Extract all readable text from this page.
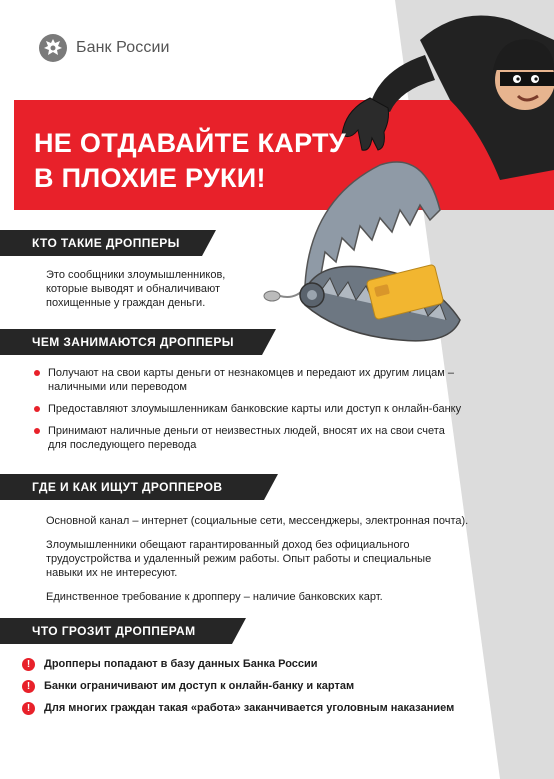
Банк России
НЕ ОТДАВАЙТЕ КАРТУ
В ПЛОХИЕ РУКИ!
КТО ТАКИЕ ДРОППЕРЫ
Это сообщники злоумышленников,
которые выводят и обналичивают
похищенные у граждан деньги.
ЧЕМ ЗАНИМАЮТСЯ ДРОППЕРЫ
Получают на свои карты деньги от незнакомцев и передают их другим лицам –
наличными или переводом
Предоставляют злоумышленникам банковские карты или доступ к онлайн-банку
Принимают наличные деньги от неизвестных людей, вносят их на свои счета
для последующего перевода
ГДЕ И КАК ИЩУТ ДРОППЕРОВ

Основной канал – интернет (социальные сети, мессенджеры, электронная почта).

Злоумышленники обещают гарантированный доход без официального
трудоустройства и удаленный режим работы. Опыт работы и специальные
навыки их не интересуют.

Единственное требование к дропперу – наличие банковских карт.

ЧТО ГРОЗИТ ДРОППЕРАМ
!	Дропперы попадают в базу данных Банка России
!	Банки ограничивают им доступ к онлайн-банку и картам
!	Для многих граждан такая «работа» заканчивается уголовным наказанием
